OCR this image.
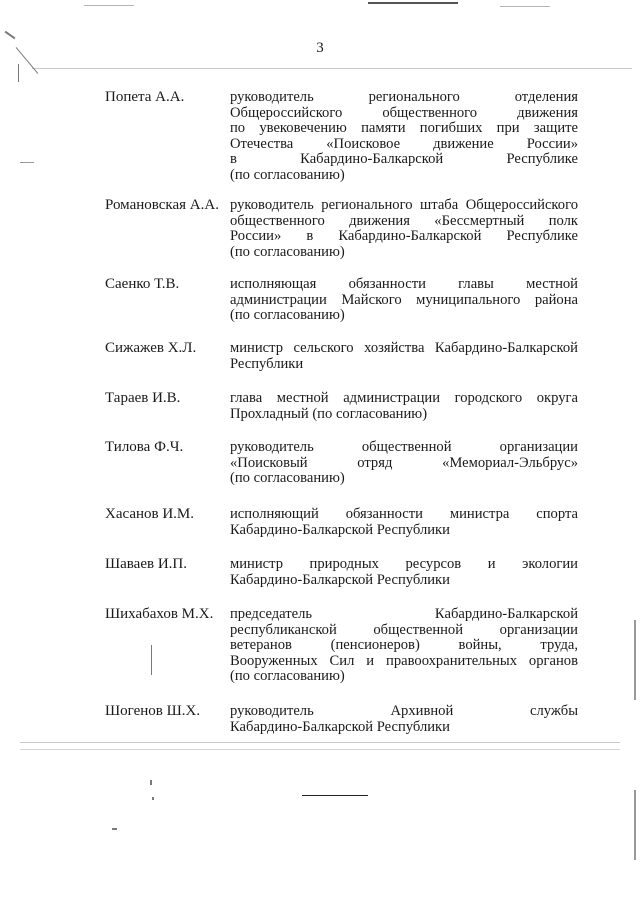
3
Попета А.А.	руководитель регионального отделения
Общероссийского общественного движения
по увековечению памяти погибших при защите
Отечества «Поисковое движение России»
в Кабардино-Балкарской Республике
(по согласованию)
Романовская А.А. руководитель регионального штаба Общероссийского
общественного движения «Бессмертный полк
России» в Кабардино-Балкарской Республике
(по согласованию)
Саенко Т.В.	исполняющая обязанности главы местной
администрации Майского муниципального района
(по согласованию)
Сижажев Х.Л. министр сельского хозяйства Кабардино-Балкарской
Республики
Тараев И.В.	глава местной администрации городского округа
Прохладный (по согласованию)
Тилова Ф.Ч.	руководитель общественной организации
«Поисковый отряд «Мемориал-Эльбрус»
(по согласованию)
Хасанов И.М. исполняющий обязанности министра спорта
Кабардино-Балкарской Республики
Шаваев И.П.	министр природных ресурсов и экологии
Кабардино-Балкарской Республики
Шихабахов М.Х. председатель Кабардино-Балкарской
республиканской общественной организации
ветеранов (пенсионеров) войны, труда,
Вооруженных Сил и правоохранительных органов
(по согласованию)
Шогенов Ш.Х. руководитель Архивной службы
Кабардино-Балкарской Республики
